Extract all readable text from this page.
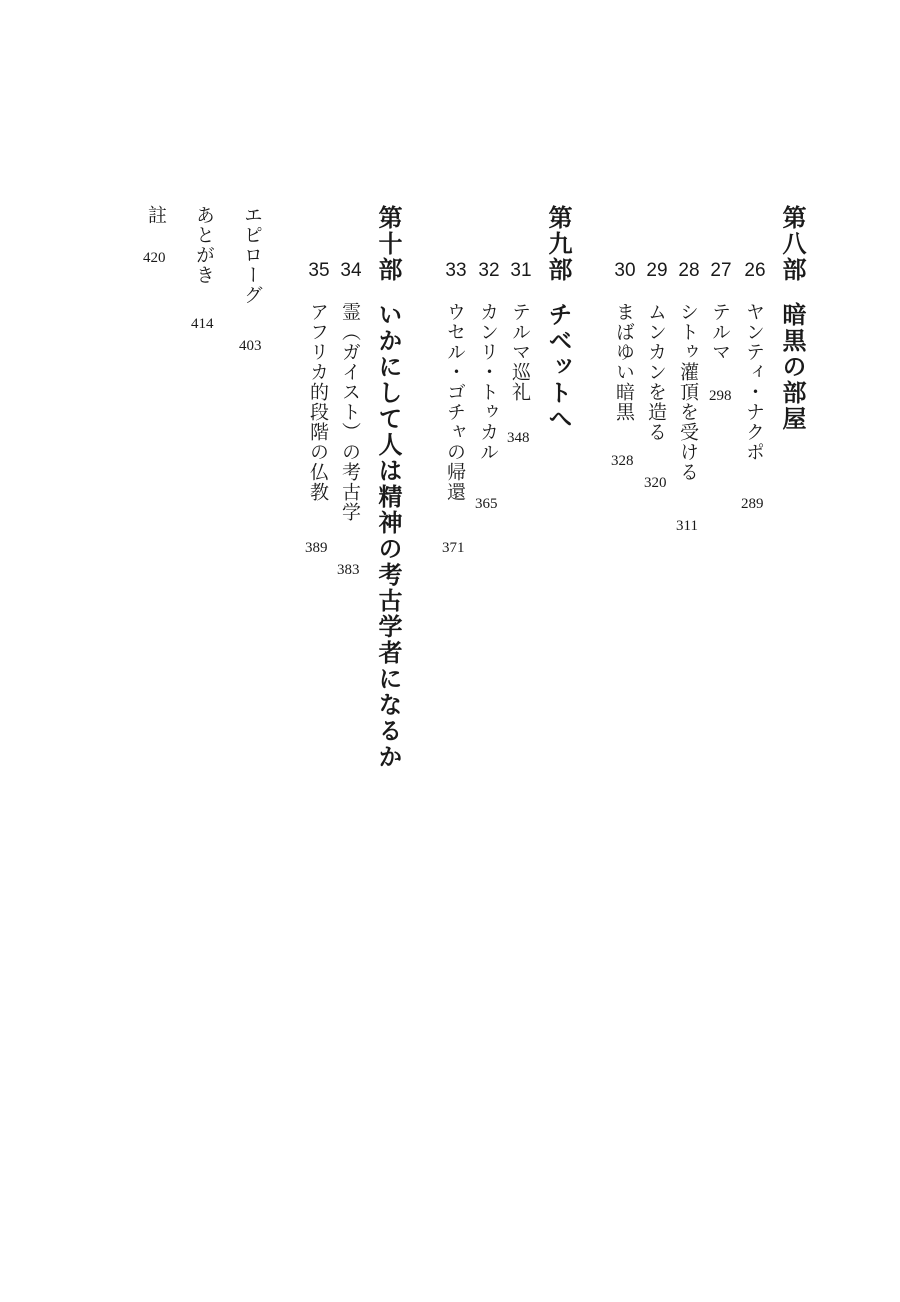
第八部
暗黒の部屋
26
ヤンティ・ナクポ
289
27
テルマ
298
28
シトゥ灌頂を受ける
311
29
ムンカンを造る
320
30
まばゆい暗黒
328
第九部
チベットへ
31
テルマ巡礼
348
32
カンリ・トゥカル
365
33
ウセル・ゴチャの帰還
371
第十部
いかにして人は精神の考古学者になるか
34
霊（ガイスト）の考古学
383
35
アフリカ的段階の仏教
389
エピローグ
403
あとがき
414
註
420
